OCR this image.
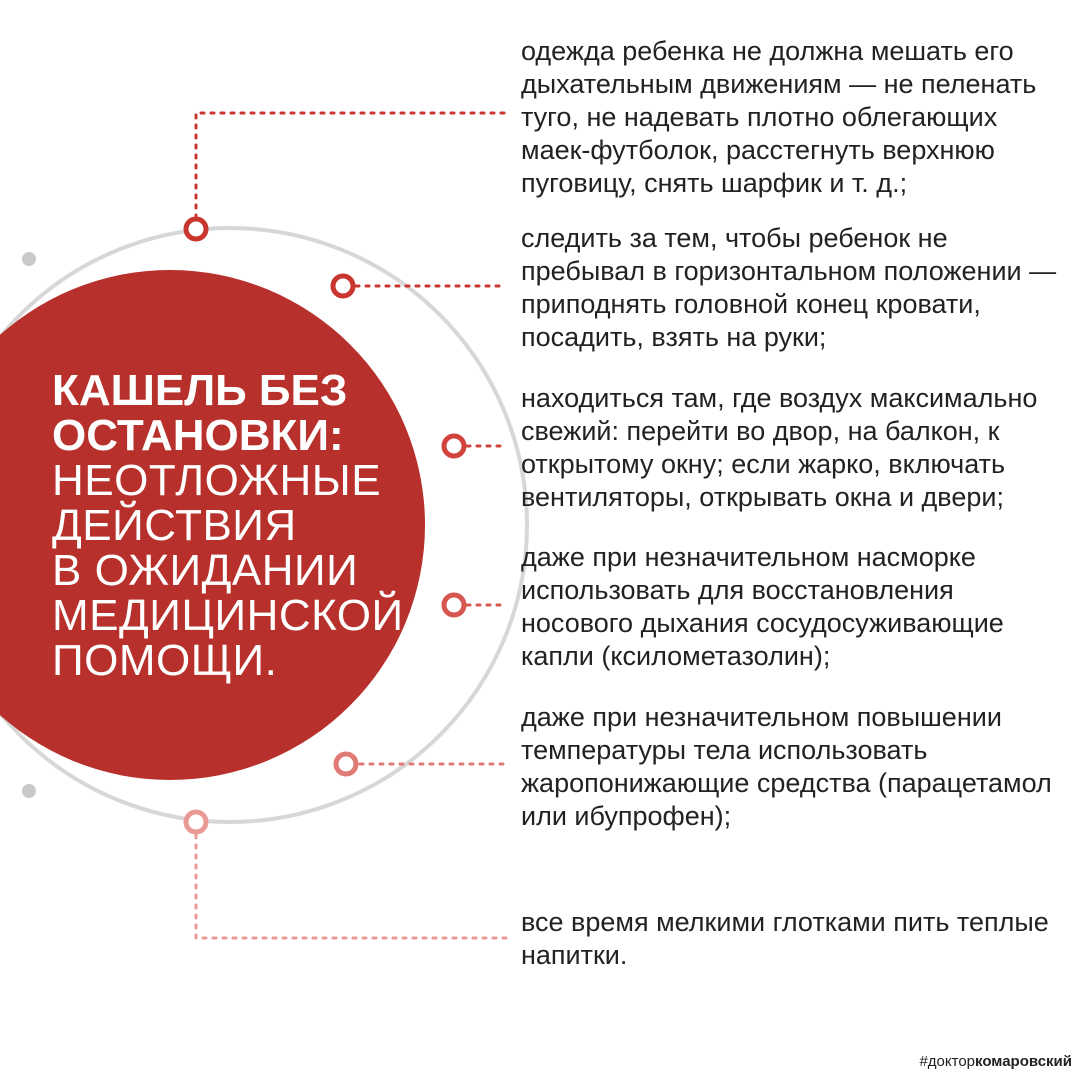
КАШЕЛЬ БЕЗ
ОСТАНОВКИ:
НЕОТЛОЖНЫЕ
ДЕЙСТВИЯ
В ОЖИДАНИИ
МЕДИЦИНСКОЙ
ПОМОЩИ.
одежда ребенка не должна мешать его дыхательным движениям — не пеленать туго, не надевать плотно облегающих маек-футболок, расстегнуть верхнюю пуговицу, снять шарфик и т. д.;
следить за тем, чтобы ребенок не пребывал в горизонтальном положении — приподнять головной конец кровати, посадить, взять на руки;
находиться там, где воздух максимально свежий: перейти во двор, на балкон, к открытому окну; если жарко, включать вентиляторы, открывать окна и двери;
даже при незначительном насморке использовать для восстановления носового дыхания сосудосуживающие капли (ксилометазолин);
даже при незначительном повышении температуры тела использовать жаропонижающие средства (парацетамол или ибупрофен);
все время мелкими глотками пить теплые напитки.
#докторкомаровский
